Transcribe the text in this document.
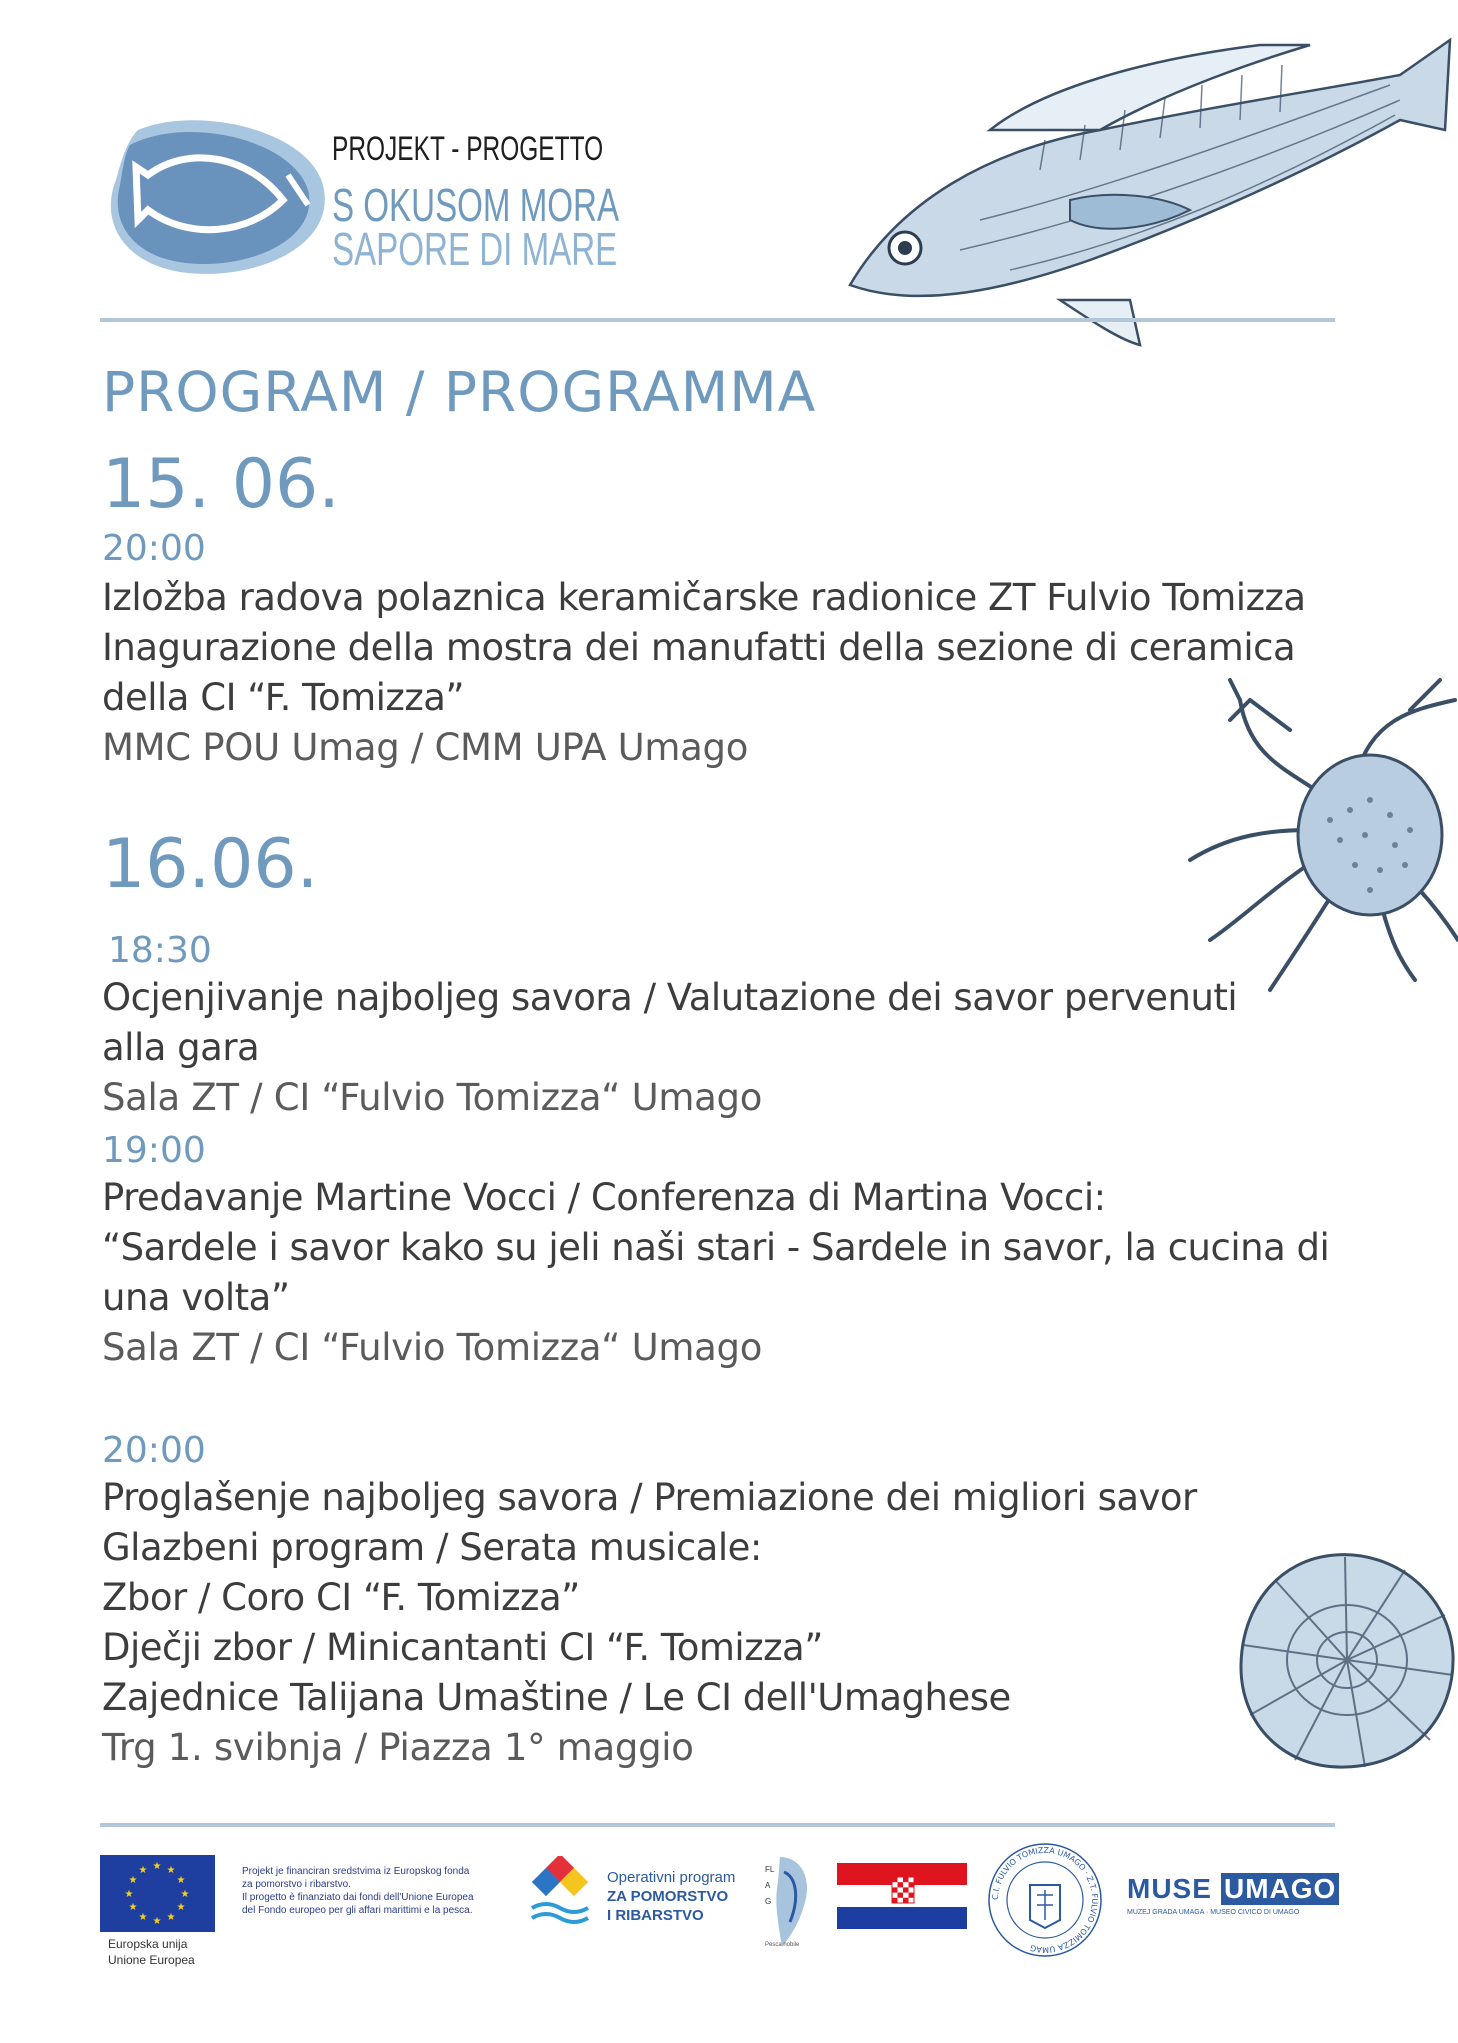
PROJEKT - PROGETTO
S OKUSOM MORA
SAPORE DI MARE
PROGRAM / PROGRAMMA
15. 06.
20:00
Izložba radova polaznica keramičarske radionice ZT Fulvio Tomizza
Inagurazione della mostra dei manufatti della sezione di ceramica
della CI “F. Tomizza”
MMC POU Umag / CMM UPA Umago
16.06.
18:30
Ocjenjivanje najboljeg savora / Valutazione dei savor pervenuti
alla gara
Sala ZT / CI “Fulvio Tomizza“ Umago
19:00
Predavanje Martine Vocci / Conferenza di Martina Vocci:
“Sardele i savor kako su jeli naši stari - Sardele in savor, la cucina di
una volta”
Sala ZT / CI “Fulvio Tomizza“ Umago
20:00
Proglašenje najboljeg savora / Premiazione dei migliori savor
Glazbeni program / Serata musicale:
Zbor / Coro CI “F. Tomizza”
Dječji zbor / Minicantanti CI “F. Tomizza”
Zajednice Talijana Umaštine / Le CI dell'Umaghese
Trg 1. svibnja / Piazza 1° maggio
★ ★
★
★
★
★
★
★
★
★
★
★
Europska unija
Unione Europea
Projekt je financiran sredstvima iz Europskog fonda
za pomorstvo i ribarstvo.
Il progetto è finanziato dai fondi dell'Unione Europea
del Fondo europeo per gli affari marittimi e la pesca.
Operativni program
ZA POMORSTVO
I RIBARSTVO
FLAG
Pesca nobile
C.I. FULVIO TOMIZZA UMAGO · Z.T. FULVIO TOMIZZA UMAG
MUSE UMAGO
MUZEJ GRADA UMAGA · MUSEO CIVICO DI UMAGO
